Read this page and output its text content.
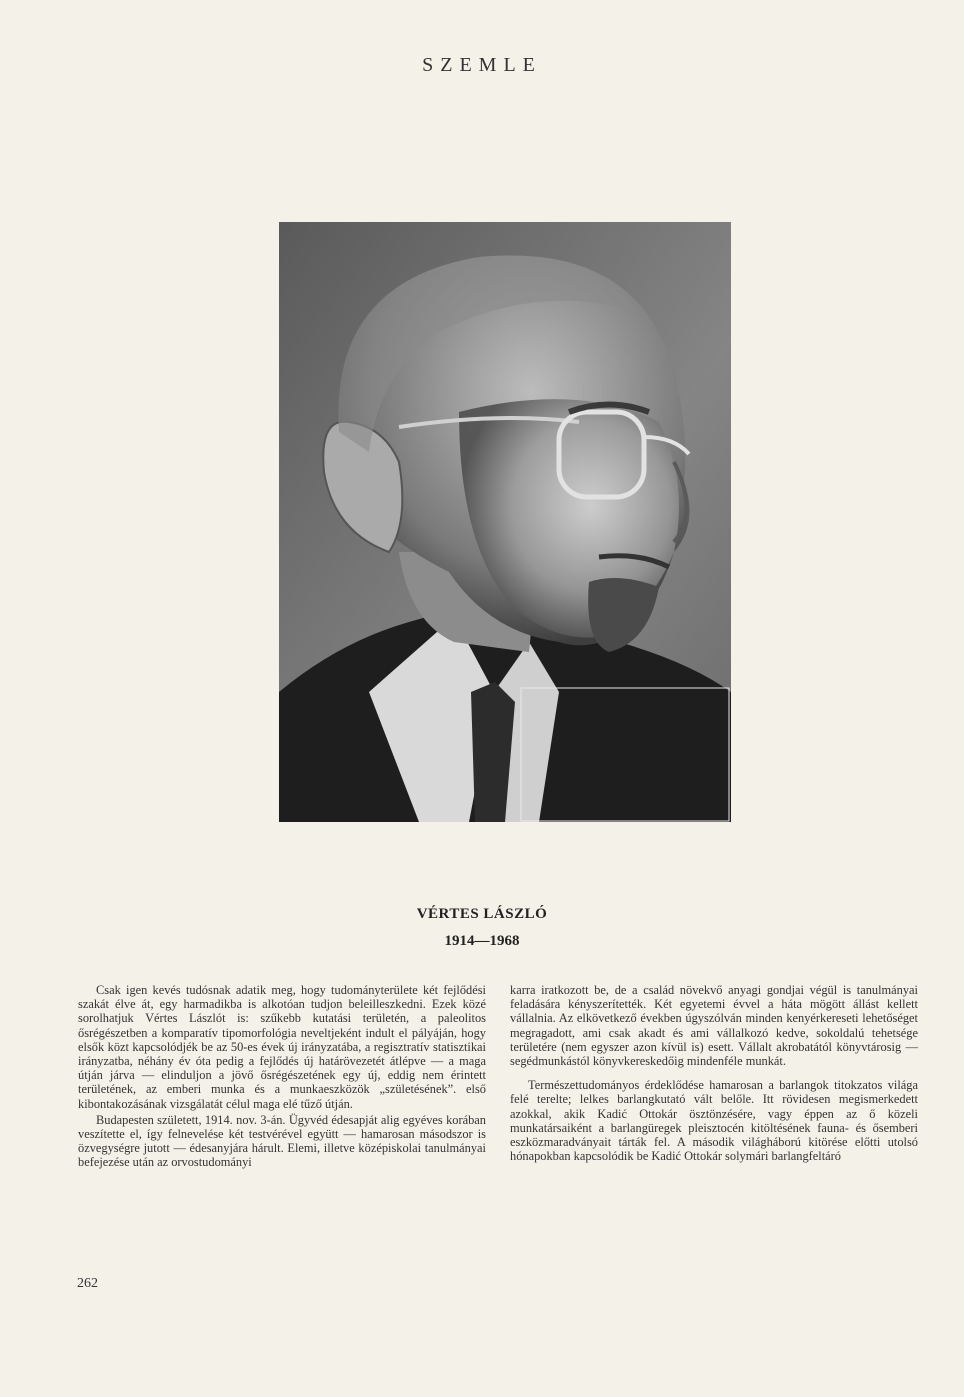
SZEMLE
VÉRTES LÁSZLÓ
1914—1968

Csak igen kevés tudósnak adatik meg, hogy tudományterülete két fejlődési szakát élve át, egy harmadikba is alkotóan tudjon beleilleszkedni. Ezek közé sorolhatjuk Vértes Lászlót is: szűkebb kutatási területén, a paleolitos ősrégészetben a komparatív tipomorfológia neveltjeként indult el pályáján, hogy elsők közt kapcsolódjék be az 50-es évek új irányzatába, a regisztratív statisztikai irányzatba, néhány év óta pedig a fejlődés új határövezetét átlépve — a maga útján járva — elinduljon a jövő ősrégészetének egy új, eddig nem érintett területének, az emberi munka és a munkaeszközök „születésének”. első kibontakozásának vizsgálatát célul maga elé tűző útján.

Budapesten született, 1914. nov. 3-án. Ügyvéd édesapját alig egyéves korában veszítette el, így felnevelése két testvérével együtt — hamarosan másodszor is özvegységre jutott — édesanyjára hárult. Elemi, illetve középiskolai tanulmányai befejezése után az orvostudományi

karra iratkozott be, de a család növekvő anyagi gondjai végül is tanulmányai feladására kényszerítették. Két egyetemi évvel a háta mögött állást kellett vállalnia. Az elkövetkező években úgyszólván minden kenyérkereseti lehetőséget megragadott, ami csak akadt és ami vállalkozó kedve, sokoldalú tehetsége területére (nem egyszer azon kívül is) esett. Vállalt akrobatától könyvtárosig — segédmunkástól könyvkereskedőig mindenféle munkát.

Természettudományos érdeklődése hamarosan a barlangok titokzatos világa felé terelte; lelkes barlangkutató vált belőle. Itt rövidesen megismerkedett azokkal, akik Kadić Ottokár ösztönzésére, vagy éppen az ő közeli munkatársaiként a barlangüregek pleisztocén kitöltésének fauna- és ősemberi eszközmaradványait tárták fel. A második világháború kitörése előtti utolsó hónapokban kapcsolódik be Kadić Ottokár solymári barlangfeltáró

262
